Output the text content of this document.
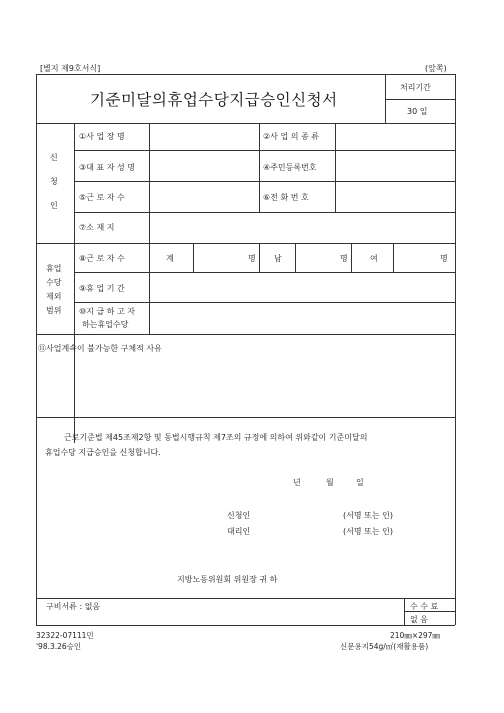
[별지 제9호서식]	(앞쪽)
기준미달의휴업수당지급승인신청서
처리기간
30 일
신
청
인
①사 업 장 명	②사 업 의 종 류
③대 표 자 성 명	④주민등록번호
⑤근 로 자 수	⑥전 화 번 호
⑦소 재 지
휴업
수당
제외
범위
⑧근 로 자 수	계	명 남	명	여	명
⑨휴 업 기 간
⑩지 급 하 고 자
하는휴업수당
⑪사업계속이 불가능한 구체적 사유
근로기준법 제45조제2항 및 동법시행규칙 제7조의 규정에 의하여 위와같이 기준미달의
휴업수당 지급승인을 신청합니다.
년	월	일
신청인	(서명 또는 인)
대리인	(서명 또는 인)
지방노동위원회 위원장 귀 하
구비서류 : 없음	수 수 료
없 음
32322-07111민
'98.3.26승인
210㎜×297㎜
신문용지54g/㎡(재활용품)
